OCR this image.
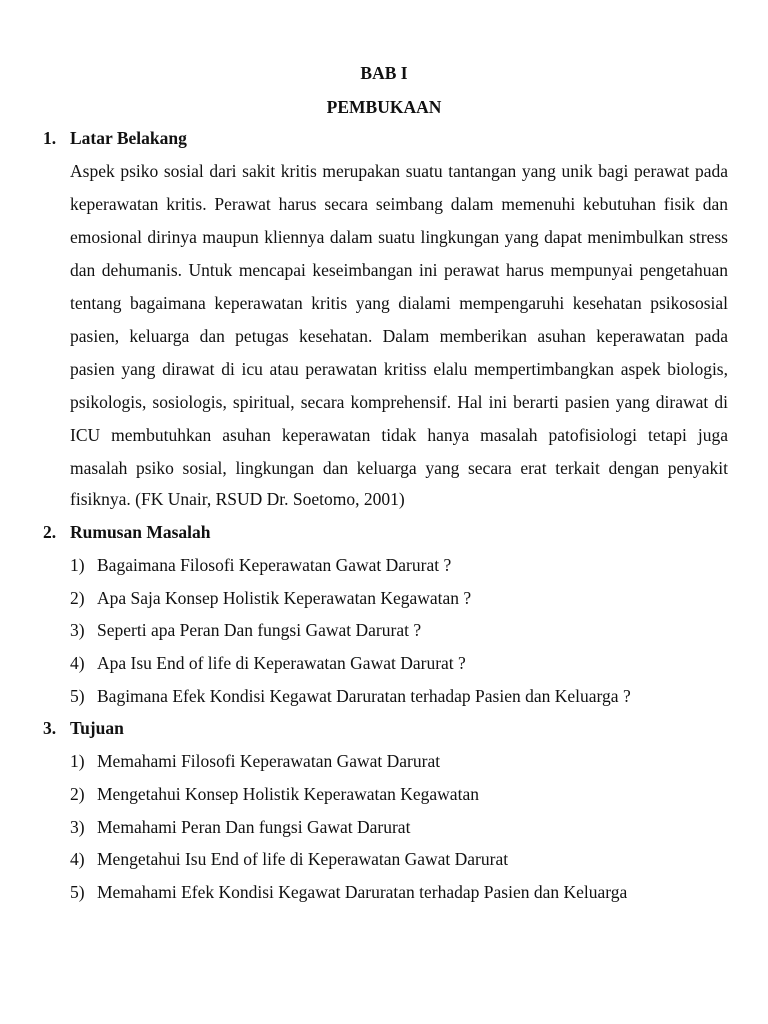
BAB I
PEMBUKAAN
1. Latar Belakang
Aspek psiko sosial dari sakit kritis merupakan suatu tantangan yang unik bagi perawat pada
keperawatan kritis. Perawat harus secara seimbang dalam memenuhi kebutuhan fisik dan
emosional dirinya maupun kliennya dalam suatu lingkungan yang dapat menimbulkan stress
dan dehumanis. Untuk mencapai keseimbangan ini perawat harus mempunyai pengetahuan
tentang bagaimana keperawatan kritis yang dialami mempengaruhi kesehatan psikososial
pasien, keluarga dan petugas kesehatan. Dalam memberikan asuhan keperawatan pada
pasien yang dirawat di icu atau perawatan kritiss elalu mempertimbangkan aspek biologis,
psikologis, sosiologis, spiritual, secara komprehensif. Hal ini berarti pasien yang dirawat di
ICU membutuhkan asuhan keperawatan tidak hanya masalah patofisiologi tetapi juga
masalah psiko sosial, lingkungan dan keluarga yang secara erat terkait dengan penyakit
fisiknya. (FK Unair, RSUD Dr. Soetomo, 2001)
2. Rumusan Masalah
1) Bagaimana Filosofi Keperawatan Gawat Darurat ?
2) Apa Saja Konsep Holistik Keperawatan Kegawatan ?
3) Seperti apa Peran Dan fungsi Gawat Darurat ?
4) Apa Isu End of life di Keperawatan Gawat Darurat ?
5) Bagimana Efek Kondisi Kegawat Daruratan terhadap Pasien dan Keluarga ?
3. Tujuan
1) Memahami Filosofi Keperawatan Gawat Darurat
2) Mengetahui Konsep Holistik Keperawatan Kegawatan
3) Memahami Peran Dan fungsi Gawat Darurat
4) Mengetahui Isu End of life di Keperawatan Gawat Darurat
5) Memahami Efek Kondisi Kegawat Daruratan terhadap Pasien dan Keluarga
